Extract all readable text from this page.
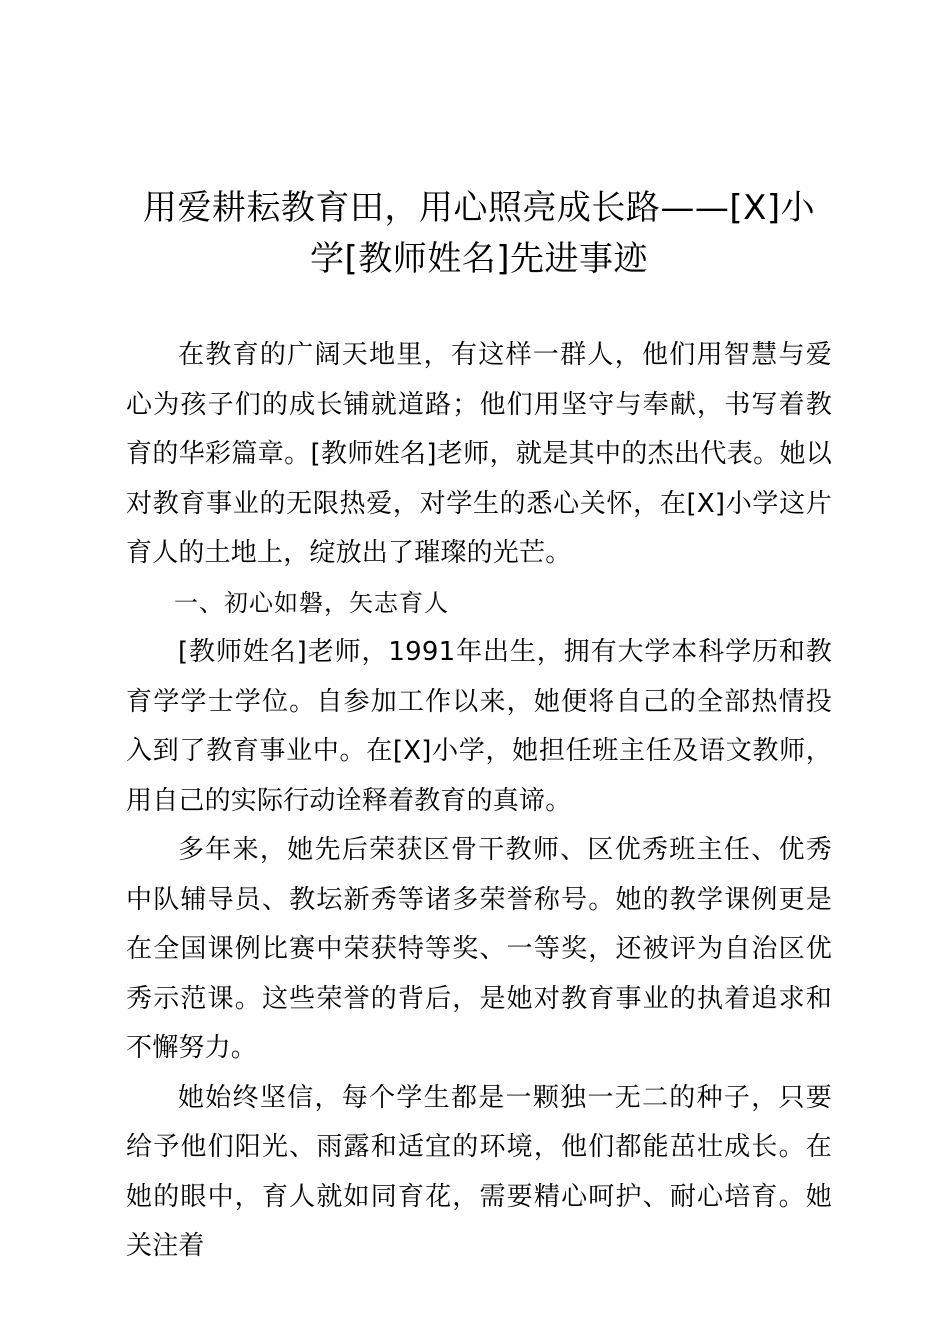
用爱耕耘教育田，用心照亮成长路——[X]小学[教师姓名]先进事迹

在教育的广阔天地里，有这样一群人，他们用智慧与爱心为孩子们的成长铺就道路；他们用坚守与奉献，书写着教育的华彩篇章。[教师姓名]老师，就是其中的杰出代表。她以对教育事业的无限热爱，对学生的悉心关怀，在[X]小学这片育人的土地上，绽放出了璀璨的光芒。

一、初心如磐，矢志育人

[教师姓名]老师，1991年出生，拥有大学本科学历和教育学学士学位。自参加工作以来，她便将自己的全部热情投入到了教育事业中。在[X]小学，她担任班主任及语文教师，用自己的实际行动诠释着教育的真谛。

多年来，她先后荣获区骨干教师、区优秀班主任、优秀中队辅导员、教坛新秀等诸多荣誉称号。她的教学课例更是在全国课例比赛中荣获特等奖、一等奖，还被评为自治区优秀示范课。这些荣誉的背后，是她对教育事业的执着追求和不懈努力。

她始终坚信，每个学生都是一颗独一无二的种子，只要给予他们阳光、雨露和适宜的环境，他们都能茁壮成长。在她的眼中，育人就如同育花，需要精心呵护、耐心培育。她关注着
